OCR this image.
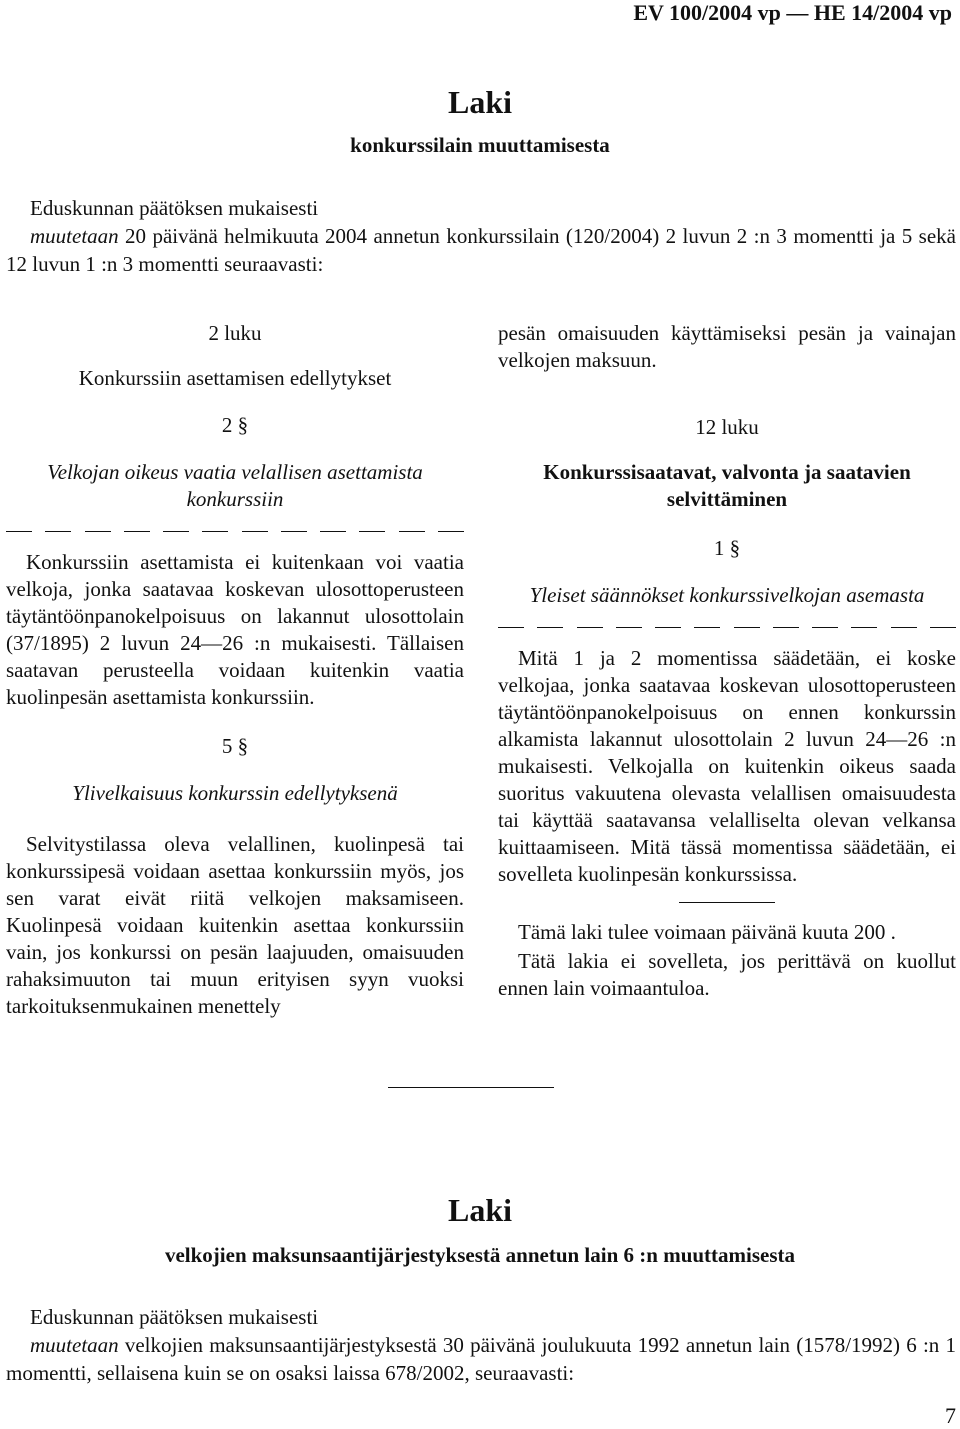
EV 100/2004 vp — HE 14/2004 vp
Laki
konkurssilain muuttamisesta

Eduskunnan päätöksen mukaisesti

muutetaan 20 päivänä helmikuuta 2004 annetun konkurssilain (120/2004) 2 luvun 2 :n 3 momentti ja 5 sekä 12 luvun 1 :n 3 momentti seuraavasti:

2 luku

Konkurssiin asettamisen edellytykset

2 §

Velkojan oikeus vaatia velallisen asettamista konkurssiin

Konkurssiin asettamista ei kuitenkaan voi vaatia velkoja, jonka saatavaa koskevan ulosottoperusteen täytäntöönpanokelpoisuus on lakannut ulosottolain (37/1895) 2 luvun 24—26 :n mukaisesti. Tällaisen saatavan perusteella voidaan kuitenkin vaatia kuolinpesän asettamista konkurssiin.

5 §

Ylivelkaisuus konkurssin edellytyksenä

Selvitystilassa oleva velallinen, kuolinpesä tai konkurssipesä voidaan asettaa konkurssiin myös, jos sen varat eivät riitä velkojen maksamiseen. Kuolinpesä voidaan kuitenkin asettaa konkurssiin vain, jos konkurssi on pesän laajuuden, omaisuuden rahaksimuuton tai muun erityisen syyn vuoksi tarkoituksenmukainen menettely

pesän omaisuuden käyttämiseksi pesän ja vainajan velkojen maksuun.

12 luku

Konkurssisaatavat, valvonta ja saatavien selvittäminen

1 §

Yleiset säännökset konkurssivelkojan asemasta

Mitä 1 ja 2 momentissa säädetään, ei koske velkojaa, jonka saatavaa koskevan ulosottoperusteen täytäntöönpanokelpoisuus on ennen konkurssin alkamista lakannut ulosottolain 2 luvun 24—26 :n mukaisesti. Velkojalla on kuitenkin oikeus saada suoritus vakuutena olevasta velallisen omaisuudesta tai käyttää saatavansa velalliselta olevan velkansa kuittaamiseen. Mitä tässä momentissa säädetään, ei sovelleta kuolinpesän konkurssissa.

Tämä laki tulee voimaan päivänä kuuta 200 .

Tätä lakia ei sovelleta, jos perittävä on kuollut ennen lain voimaantuloa.

Laki
velkojien maksunsaantijärjestyksestä annetun lain 6 :n muuttamisesta

Eduskunnan päätöksen mukaisesti

muutetaan velkojien maksunsaantijärjestyksestä 30 päivänä joulukuuta 1992 annetun lain (1578/1992) 6 :n 1 momentti, sellaisena kuin se on osaksi laissa 678/2002, seuraavasti:

7
